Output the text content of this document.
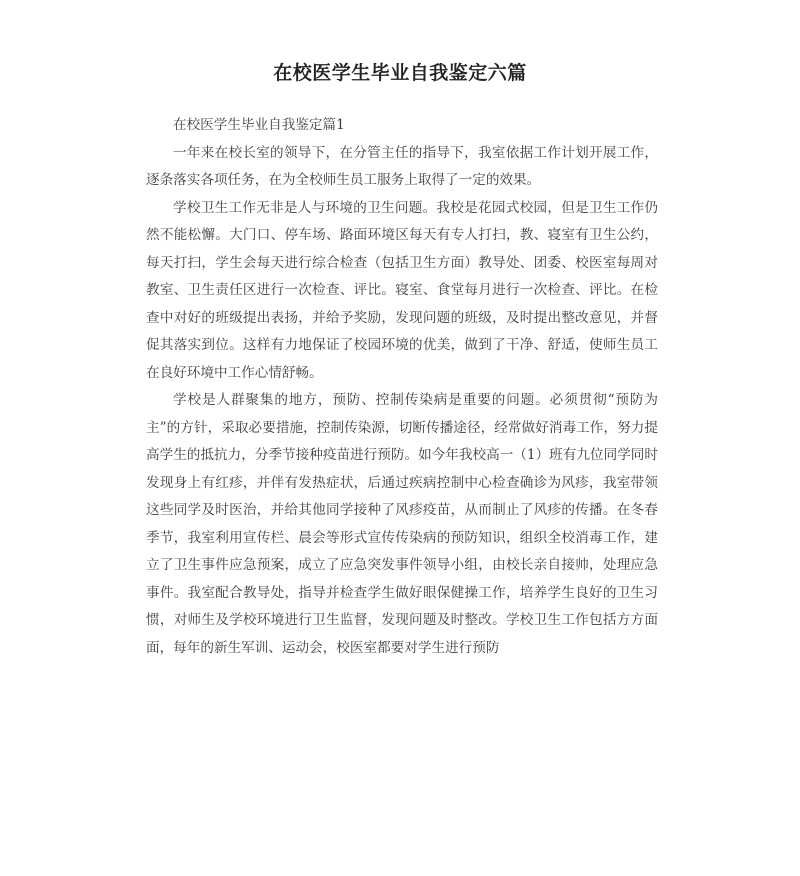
在校医学生毕业自我鉴定六篇

在校医学生毕业自我鉴定篇1

一年来在校长室的领导下，在分管主任的指导下，我室依据工作计划开展工作，逐条落实各项任务，在为全校师生员工服务上取得了一定的效果。

学校卫生工作无非是人与环境的卫生问题。我校是花园式校园，但是卫生工作仍然不能松懈。大门口、停车场、路面环境区每天有专人打扫，教、寝室有卫生公约，每天打扫，学生会每天进行综合检查（包括卫生方面）教导处、团委、校医室每周对教室、卫生责任区进行一次检查、评比。寝室、食堂每月进行一次检查、评比。在检查中对好的班级提出表扬，并给予奖励，发现问题的班级，及时提出整改意见，并督促其落实到位。这样有力地保证了校园环境的优美，做到了干净、舒适，使师生员工在良好环境中工作心情舒畅。

学校是人群聚集的地方，预防、控制传染病是重要的问题。必须贯彻“预防为主”的方针，采取必要措施，控制传染源，切断传播途径，经常做好消毒工作，努力提高学生的抵抗力，分季节接种疫苗进行预防。如今年我校高一（1）班有九位同学同时发现身上有红疹，并伴有发热症状，后通过疾病控制中心检查确诊为风疹，我室带领这些同学及时医治，并给其他同学接种了风疹疫苗，从而制止了风疹的传播。在冬春季节，我室利用宣传栏、晨会等形式宣传传染病的预防知识，组织全校消毒工作，建立了卫生事件应急预案，成立了应急突发事件领导小组，由校长亲自接帅，处理应急事件。我室配合教导处，指导并检查学生做好眼保健操工作，培养学生良好的卫生习惯，对师生及学校环境进行卫生监督，发现问题及时整改。学校卫生工作包括方方面面，每年的新生军训、运动会，校医室都要对学生进行预防
